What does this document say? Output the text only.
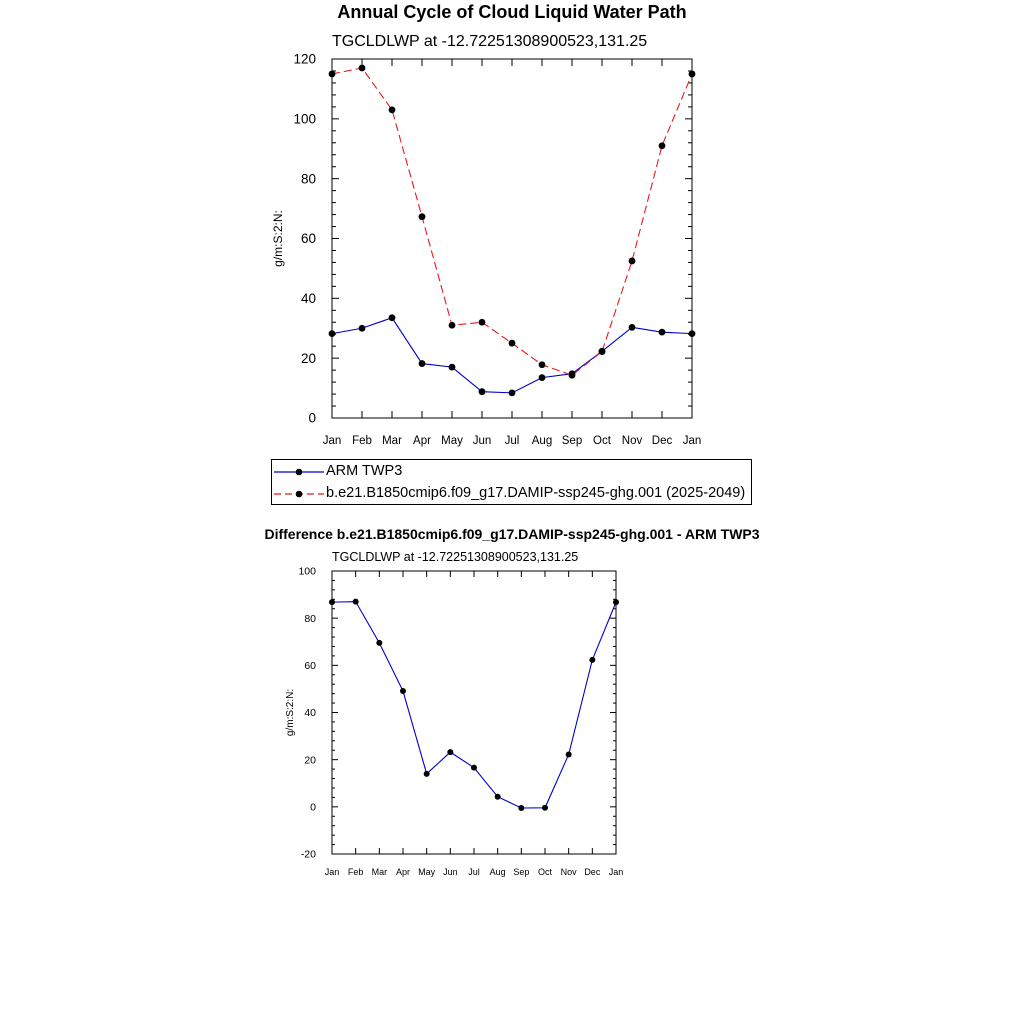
Annual Cycle of Cloud Liquid Water Path
Difference b.e21.B1850cmip6.f09_g17.DAMIP-ssp245-ghg.001 - ARM TWP3
TGCLDLWP at -12.72251308900523,131.25
0
20
40
60
80
100
120
Jan Feb Mar Apr May Jun Jul Aug Sep Oct Nov Dec Jan
g/m:S:2:N:
TGCLDLWP at -12.72251308900523,131.25
-20
0
20
40
60
80
100
Jan Feb Mar Apr May Jun Jul Aug Sep Oct Nov Dec Jan
g/m:S:2:N:
ARM TWP3
b.e21.B1850cmip6.f09_g17.DAMIP-ssp245-ghg.001 (2025-2049)
